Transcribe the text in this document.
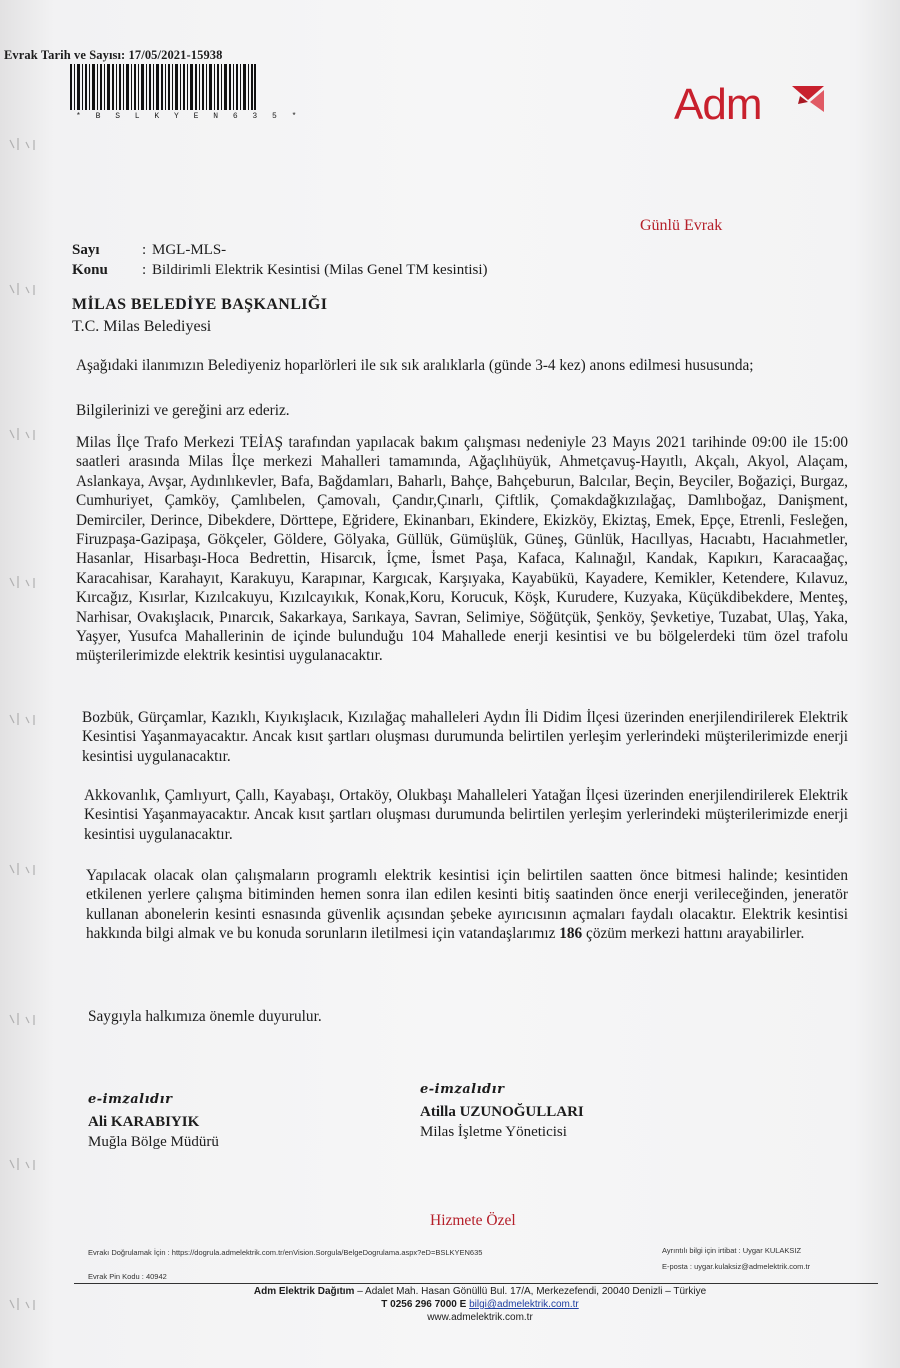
Evrak Tarih ve Sayısı: 17/05/2021-15938
* B S L K Y E N 6 3 5 *	Adm
Günlü Evrak
Sayı	: MGL-MLS-
Konu : Bildirimli Elektrik Kesintisi (Milas Genel TM kesintisi)
MİLAS BELEDİYE BAŞKANLIĞI
T.C. Milas Belediyesi
Aşağıdaki ilanımızın Belediyeniz hoparlörleri ile sık sık aralıklarla (günde 3-4 kez) anons edilmesi hususunda;
Bilgilerinizi ve gereğini arz ederiz.
Milas İlçe Trafo Merkezi TEİAŞ tarafından yapılacak bakım çalışması nedeniyle 23 Mayıs 2021 tarihinde 09:00 ile 15:00 saatleri arasında Milas İlçe merkezi Mahalleri tamamında, Ağaçlıhüyük, Ahmetçavuş-Hayıtlı, Akçalı, Akyol, Alaçam, Aslankaya, Avşar, Aydınlıkevler, Bafa, Bağdamları, Baharlı, Bahçe, Bahçeburun, Balcılar, Beçin, Beyciler, Boğaziçi, Burgaz, Cumhuriyet, Çamköy, Çamlıbelen, Çamovalı, Çandır,Çınarlı, Çiftlik, Çomakdağkızılağaç, Damlıboğaz, Danişment, Demirciler, Derince, Dibekdere, Dörttepe, Eğridere, Ekinanbarı, Ekindere, Ekizköy, Ekiztaş, Emek, Epçe, Etrenli, Fesleğen, Firuzpaşa-Gazipaşa, Gökçeler, Göldere, Gölyaka, Güllük, Gümüşlük, Güneş, Günlük, Hacıllyas, Hacıabtı, Hacıahmetler, Hasanlar, Hisarbaşı-Hoca Bedrettin, Hisarcık, İçme, İsmet Paşa, Kafaca, Kalınağıl, Kandak, Kapıkırı, Karacaağaç, Karacahisar, Karahayıt, Karakuyu, Karapınar, Kargıcak, Karşıyaka, Kayabükü, Kayadere, Kemikler, Ketendere, Kılavuz, Kırcağız, Kısırlar, Kızılcakuyu, Kızılcayıkık, Konak,Koru, Korucuk, Köşk, Kurudere, Kuzyaka, Küçükdibekdere, Menteş, Narhisar, Ovakışlacık, Pınarcık, Sakarkaya, Sarıkaya, Savran, Selimiye, Söğütçük, Şenköy, Şevketiye, Tuzabat, Ulaş, Yaka, Yaşyer, Yusufca Mahallerinin de içinde bulunduğu 104 Mahallede enerji kesintisi ve bu bölgelerdeki tüm özel trafolu müşterilerimizde elektrik kesintisi uygulanacaktır.
Bozbük, Gürçamlar, Kazıklı, Kıyıkışlacık, Kızılağaç mahalleleri Aydın İli Didim İlçesi üzerinden enerjilendirilerek Elektrik Kesintisi Yaşanmayacaktır. Ancak kısıt şartları oluşması durumunda belirtilen yerleşim yerlerindeki müşterilerimizde enerji kesintisi uygulanacaktır.
Akkovanlık, Çamlıyurt, Çallı, Kayabaşı, Ortaköy, Olukbaşı Mahalleleri Yatağan İlçesi üzerinden enerjilendirilerek Elektrik Kesintisi Yaşanmayacaktır. Ancak kısıt şartları oluşması durumunda belirtilen yerleşim yerlerindeki müşterilerimizde enerji kesintisi uygulanacaktır.
Yapılacak olacak olan çalışmaların programlı elektrik kesintisi için belirtilen saatten önce bitmesi halinde; kesintiden etkilenen yerlere çalışma bitiminden hemen sonra ilan edilen kesinti bitiş saatinden önce enerji verileceğinden, jeneratör kullanan abonelerin kesinti esnasında güvenlik açısından şebeke ayırıcısının açmaları faydalı olacaktır. Elektrik kesintisi hakkında bilgi almak ve bu konuda sorunların iletilmesi için vatandaşlarımız 186 çözüm merkezi hattını arayabilirler.
Saygıyla halkımıza önemle duyurulur.
e-imzalıdır
Ali KARABIYIK
Muğla Bölge Müdürü
e-imzalıdır
Atilla UZUNOĞULLARI
Milas İşletme Yöneticisi
Hizmete Özel
Evrakı Doğrulamak İçin : https://dogrula.admelektrik.com.tr/enVision.Sorgula/BelgeDogrulama.aspx?eD=BSLKYEN635	Ayrıntılı bilgi için irtibat : Uygar KULAKSIZ
E-posta : uygar.kulaksiz@admelektrik.com.tr
Evrak Pin Kodu : 40942
Adm Elektrik Dağıtım – Adalet Mah. Hasan Gönüllü Bul. 17/A, Merkezefendi, 20040 Denizli – Türkiye
T 0256 296 7000 E bilgi@admelektrik.com.tr
www.admelektrik.com.tr
